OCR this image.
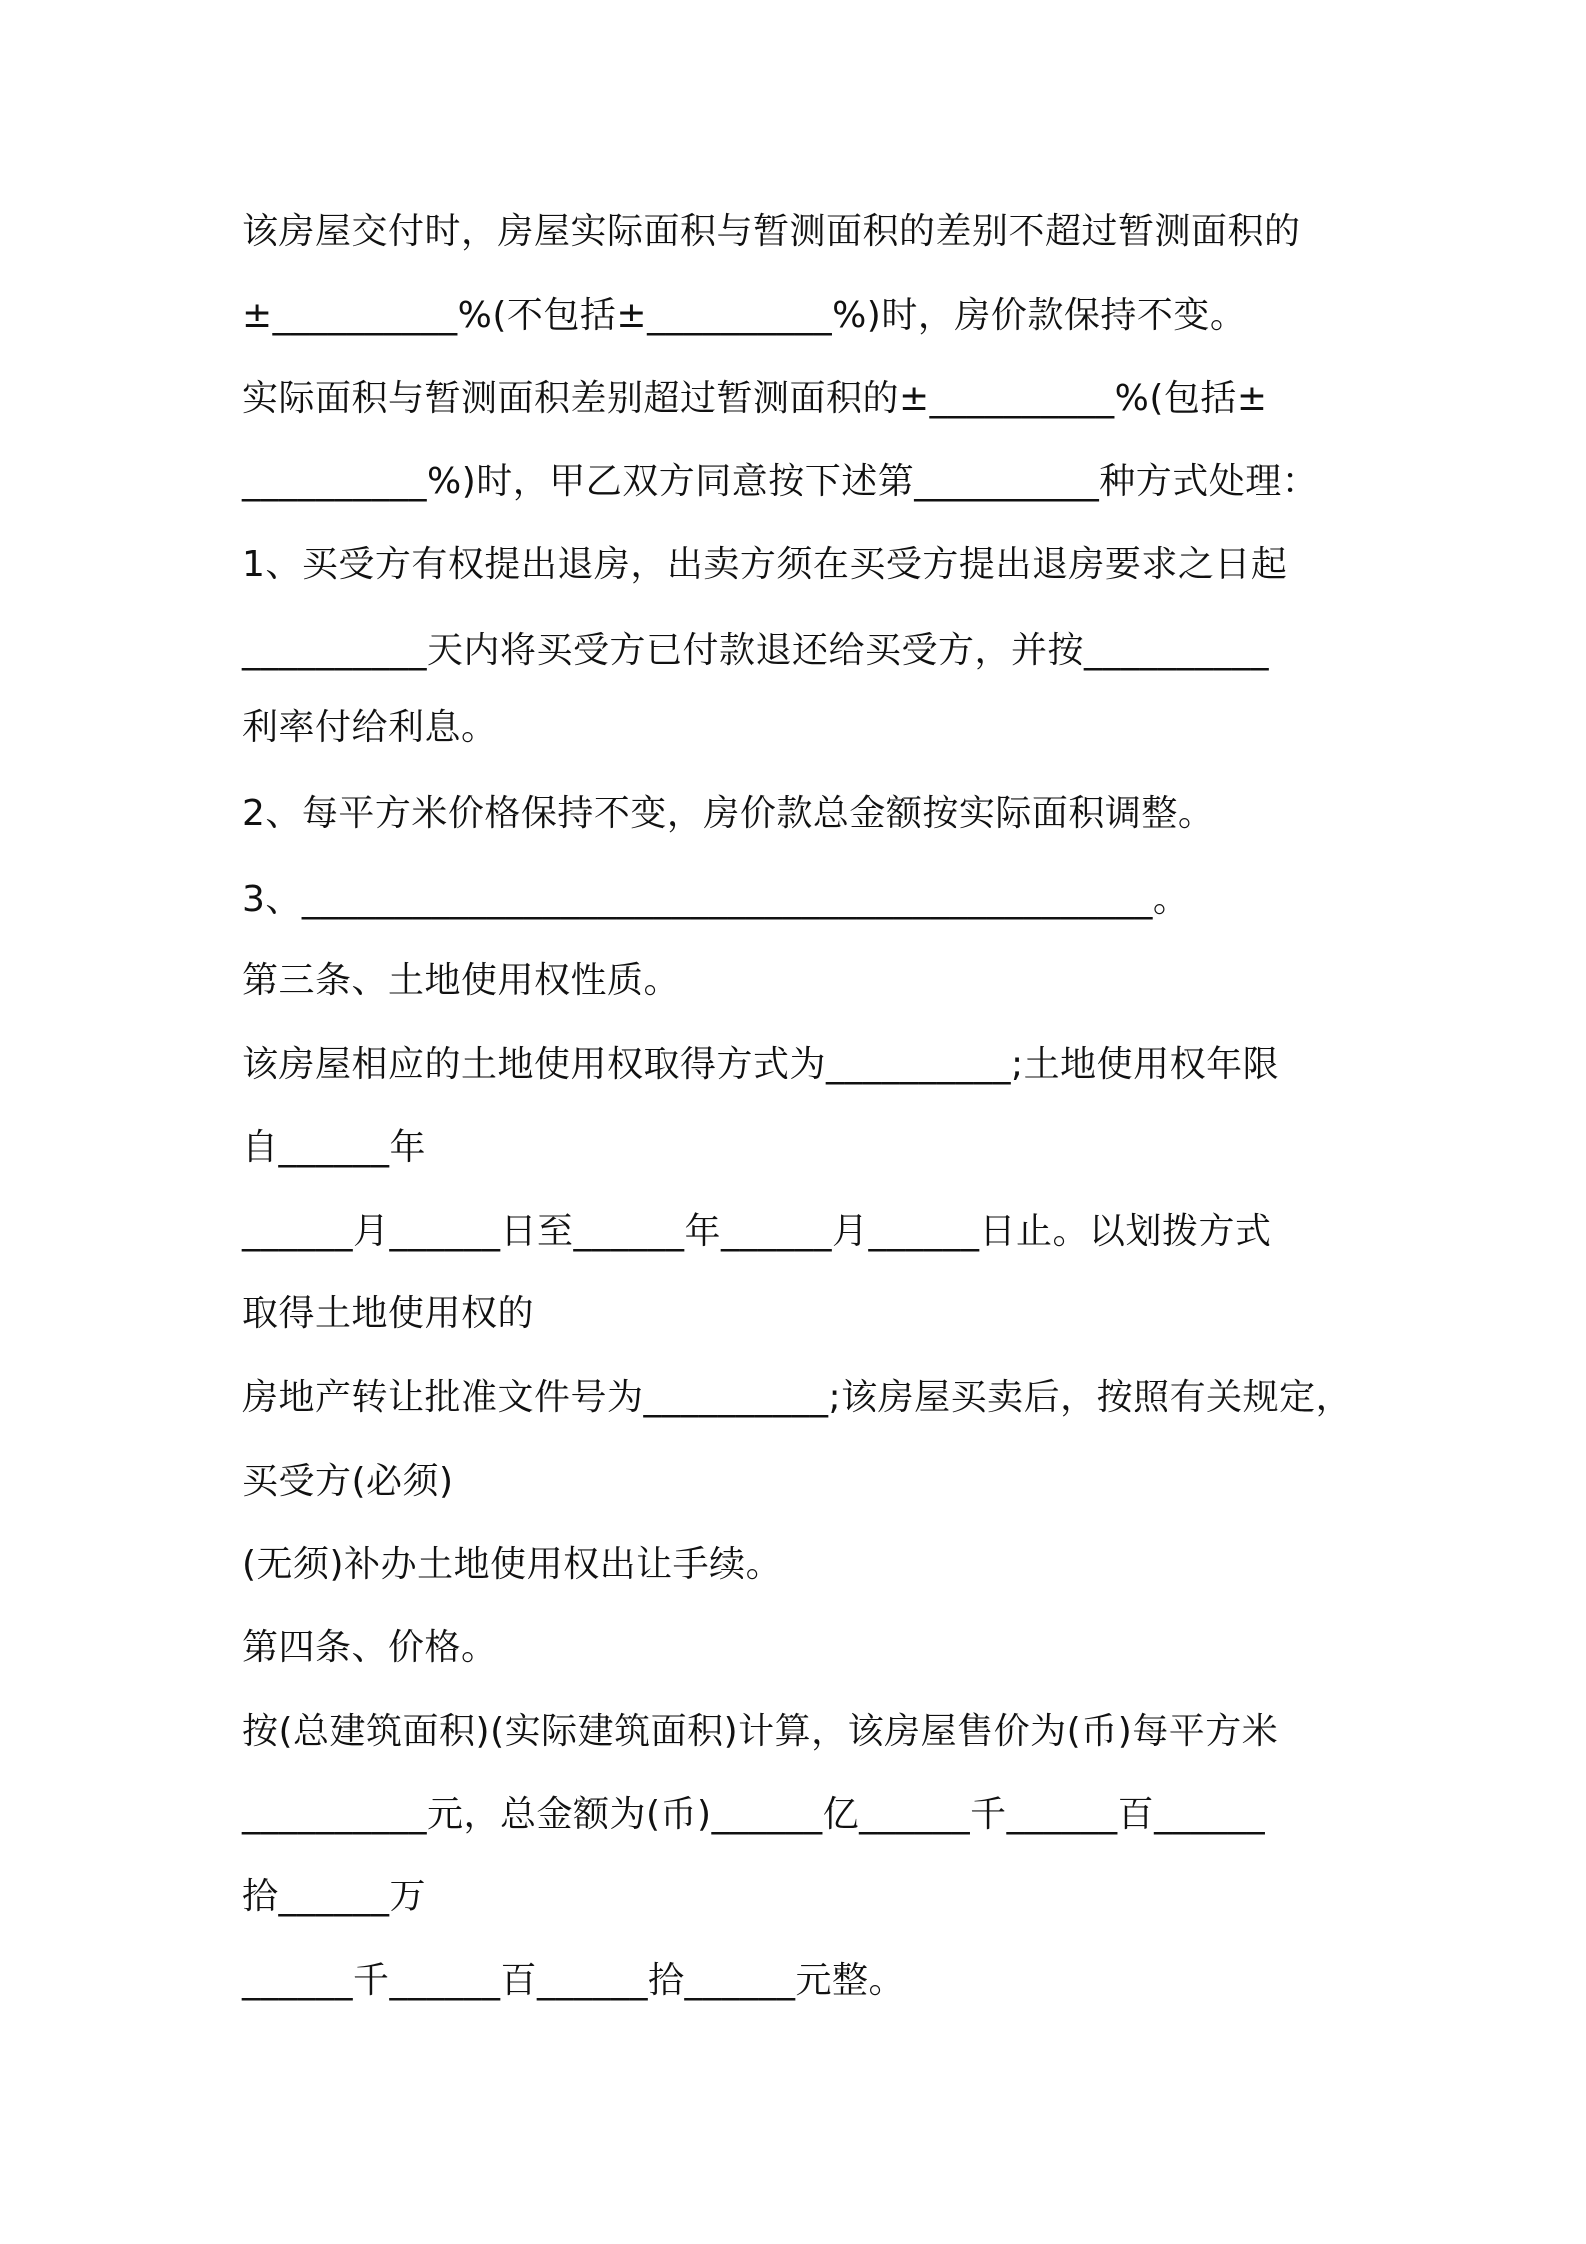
该房屋交付时，房屋实际面积与暂测面积的差别不超过暂测面积的

±__________%(不包括±__________%)时，房价款保持不变。

实际面积与暂测面积差别超过暂测面积的±__________%(包括±

__________%)时，甲乙双方同意按下述第__________种方式处理：

1、买受方有权提出退房，出卖方须在买受方提出退房要求之日起

__________天内将买受方已付款退还给买受方，并按__________

利率付给利息。

2、每平方米价格保持不变，房价款总金额按实际面积调整。

3、______________________________________________。

第三条、土地使用权性质。

该房屋相应的土地使用权取得方式为__________;土地使用权年限

自______年

______月______日至______年______月______日止。以划拨方式

取得土地使用权的

房地产转让批准文件号为__________;该房屋买卖后，按照有关规定，

买受方(必须)

(无须)补办土地使用权出让手续。

第四条、价格。

按(总建筑面积)(实际建筑面积)计算，该房屋售价为(币)每平方米

__________元，总金额为(币)______亿______千______百______

拾______万

______千______百______拾______元整。
